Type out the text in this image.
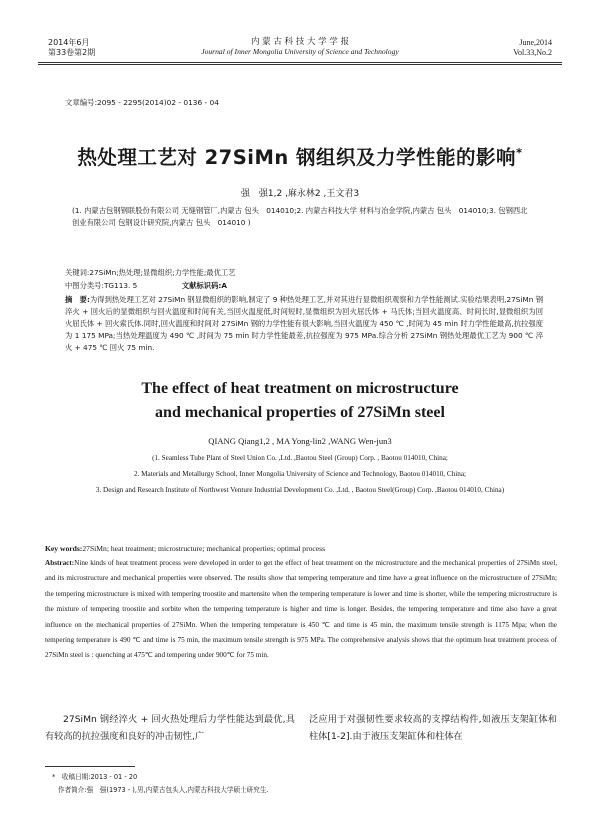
2014年6月
第33卷第2期
内 蒙 古 科 技 大 学 学 报
Journal of Inner Mongolia University of Science and Technology
June,2014
Vol.33,No.2
文章编号:2095 - 2295(2014)02 - 0136 - 04
热处理工艺对 27SiMn 钢组织及力学性能的影响*
强　强1,2 ,麻永林2 ,王文君3
(1. 内蒙古包钢钢联股份有限公司 无缝钢管厂,内蒙古 包头　014010;2. 内蒙古科技大学 材料与冶金学院,内蒙古 包头　014010;3. 包钢西北创业有限公司 包钢设计研究院,内蒙古 包头　014010 )
关键词:27SiMn;热处理;显微组织;力学性能;最优工艺
中图分类号:TG113. 5	文献标识码:A
摘　要:为得到热处理工艺对 27SiMn 钢显微组织的影响,制定了 9 种热处理工艺,并对其进行显微组织观察和力学性能测试.实验结果表明,27SiMn 钢淬火 + 回火后的显微组织与回火温度和时间有关,当回火温度低,时间短时,显微组织为回火屈氏体 + 马氏体;当回火温度高、时间长时,显微组织为回火屈氏体 + 回火索氏体.同时,回火温度和时间对 27SiMn 钢的力学性能有很大影响,当回火温度为 450 ℃ ,时间为 45 min 时力学性能最高,抗拉强度为 1 175 MPa;当热处理温度为 490 ℃ ,时间为 75 min 时力学性能最差,抗拉强度为 975 MPa.综合分析 27SiMn 钢热处理最优工艺为 900 ℃ 淬火 + 475 ℃ 回火 75 min.
The effect of heat treatment on microstructure
and mechanical properties of 27SiMn steel
QIANG Qiang1,2 , MA Yong-lin2 ,WANG Wen-jun3
(1. Seamless Tube Plant of Steel Union Co. ,Ltd. ,Baotou Steel (Group) Corp. , Baotou 014010, China;
2. Materials and Metallurgy School, Inner Mongolia University of Science and Technology, Baotou 014010, China;
3. Design and Research Institute of Northwest Venture Industrial Development Co. ,Ltd. , Baotou Steel(Group) Corp. ,Baotou 014010, China)
Key words:27SiMn; heat treatment; microstructure; mechanical properties; optimal process
Abstract:Nine kinds of heat treatment process were developed in order to get the effect of heat treatment on the microstructure and the mechanical properties of 27SiMn steel, and its microstructure and mechanical properties were observed. The results show that tempering temperature and time have a great influence on the microstructure of 27SiMn; the tempering microstructure is mixed with tempering troostite and martensite when the tempering temperature is lower and time is shorter, while the tempering microstructure is the mixture of tempering troostite and sorbite when the tempering temperature is higher and time is longer. Besides, the tempering temperature and time also have a great influence on the mechanical properties of 27SiMn. When the tempering temperature is 450 ℃ and time is 45 min, the maximum tensile strength is 1175 Mpa; when the tempering temperature is 490 ℃ and time is 75 min, the maximum tensile strength is 975 MPa. The comprehensive analysis shows that the optimum heat treatment process of 27SiMn steel is : quenching at 475℃ and tempering under 900℃ for 75 min.
27SiMn 钢经淬火 + 回火热处理后力学性能达到最优,具有较高的抗拉强度和良好的冲击韧性,广
泛应用于对强韧性要求较高的支撑结构件,如液压支架缸体和柱体[1-2].由于液压支架缸体和柱体在
*　收稿日期:2013 - 01 - 20
作者简介:强　强(1973 - ),男,内蒙古包头人,内蒙古科技大学硕士研究生.
